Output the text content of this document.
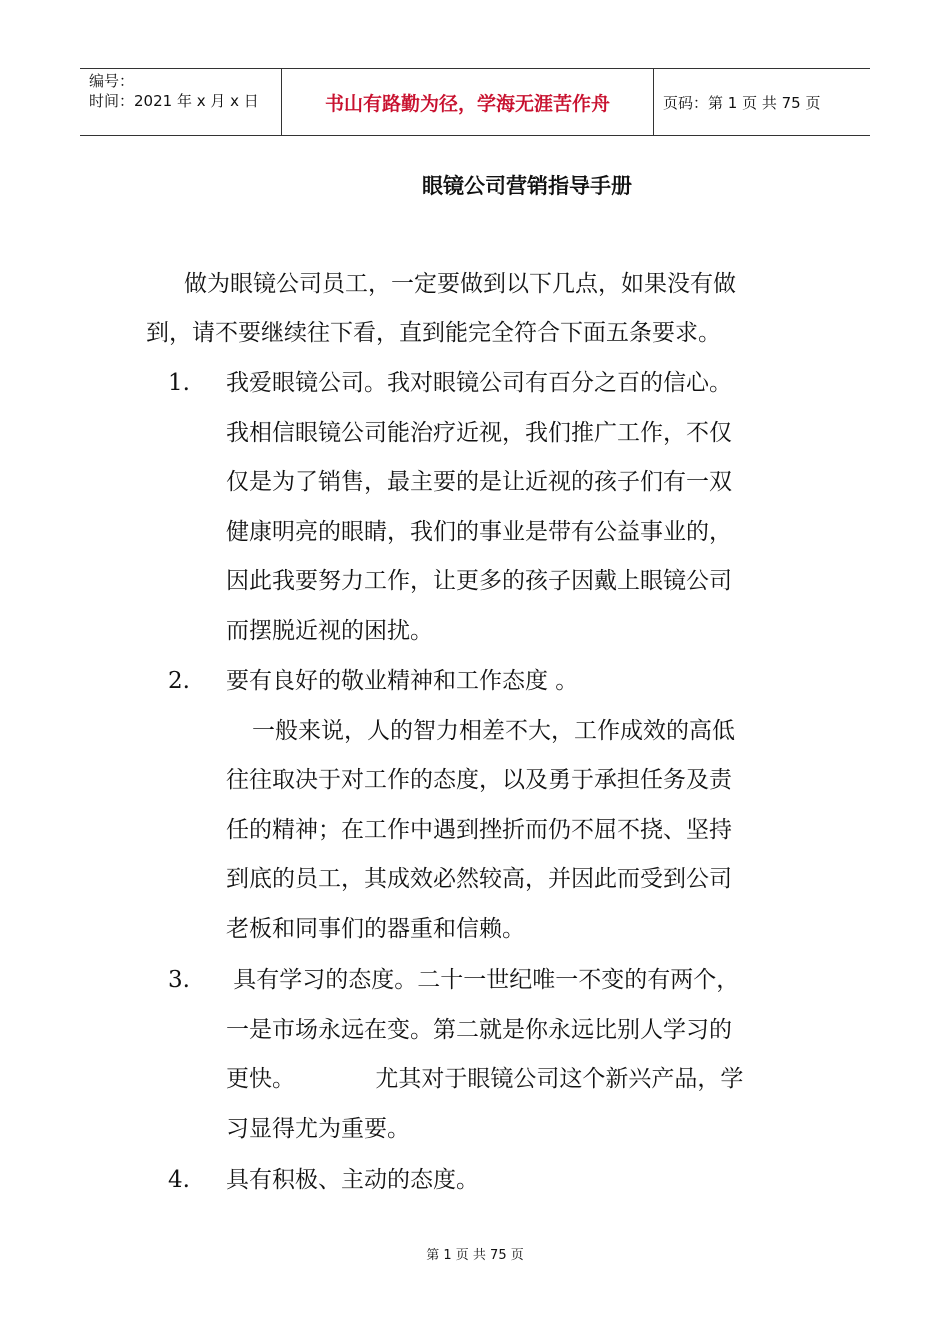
编号：
时间：2021 年 x 月 x 日	书山有路勤为径，学海无涯苦作舟	页码：第 1 页 共 75 页
眼镜公司营销指导手册
做为眼镜公司员工，一定要做到以下几点，如果没有做
到，请不要继续往下看，直到能完全符合下面五条要求。
1. 我爱眼镜公司。我对眼镜公司有百分之百的信心。
我相信眼镜公司能治疗近视，我们推广工作，不仅
仅是为了销售，最主要的是让近视的孩子们有一双
健康明亮的眼睛，我们的事业是带有公益事业的，
因此我要努力工作，让更多的孩子因戴上眼镜公司
而摆脱近视的困扰。
2. 要有良好的敬业精神和工作态度 。
一般来说，人的智力相差不大，工作成效的高低
往往取决于对工作的态度，以及勇于承担任务及责
任的精神；在工作中遇到挫折而仍不屈不挠、坚持
到底的员工，其成效必然较高，并因此而受到公司
老板和同事们的器重和信赖。
3. 具有学习的态度。二十一世纪唯一不变的有两个，
一是市场永远在变。第二就是你永远比别人学习的
更快。           尤其对于眼镜公司这个新兴产品，学
习显得尤为重要。
4. 具有积极、主动的态度。
第 1 页 共 75 页
